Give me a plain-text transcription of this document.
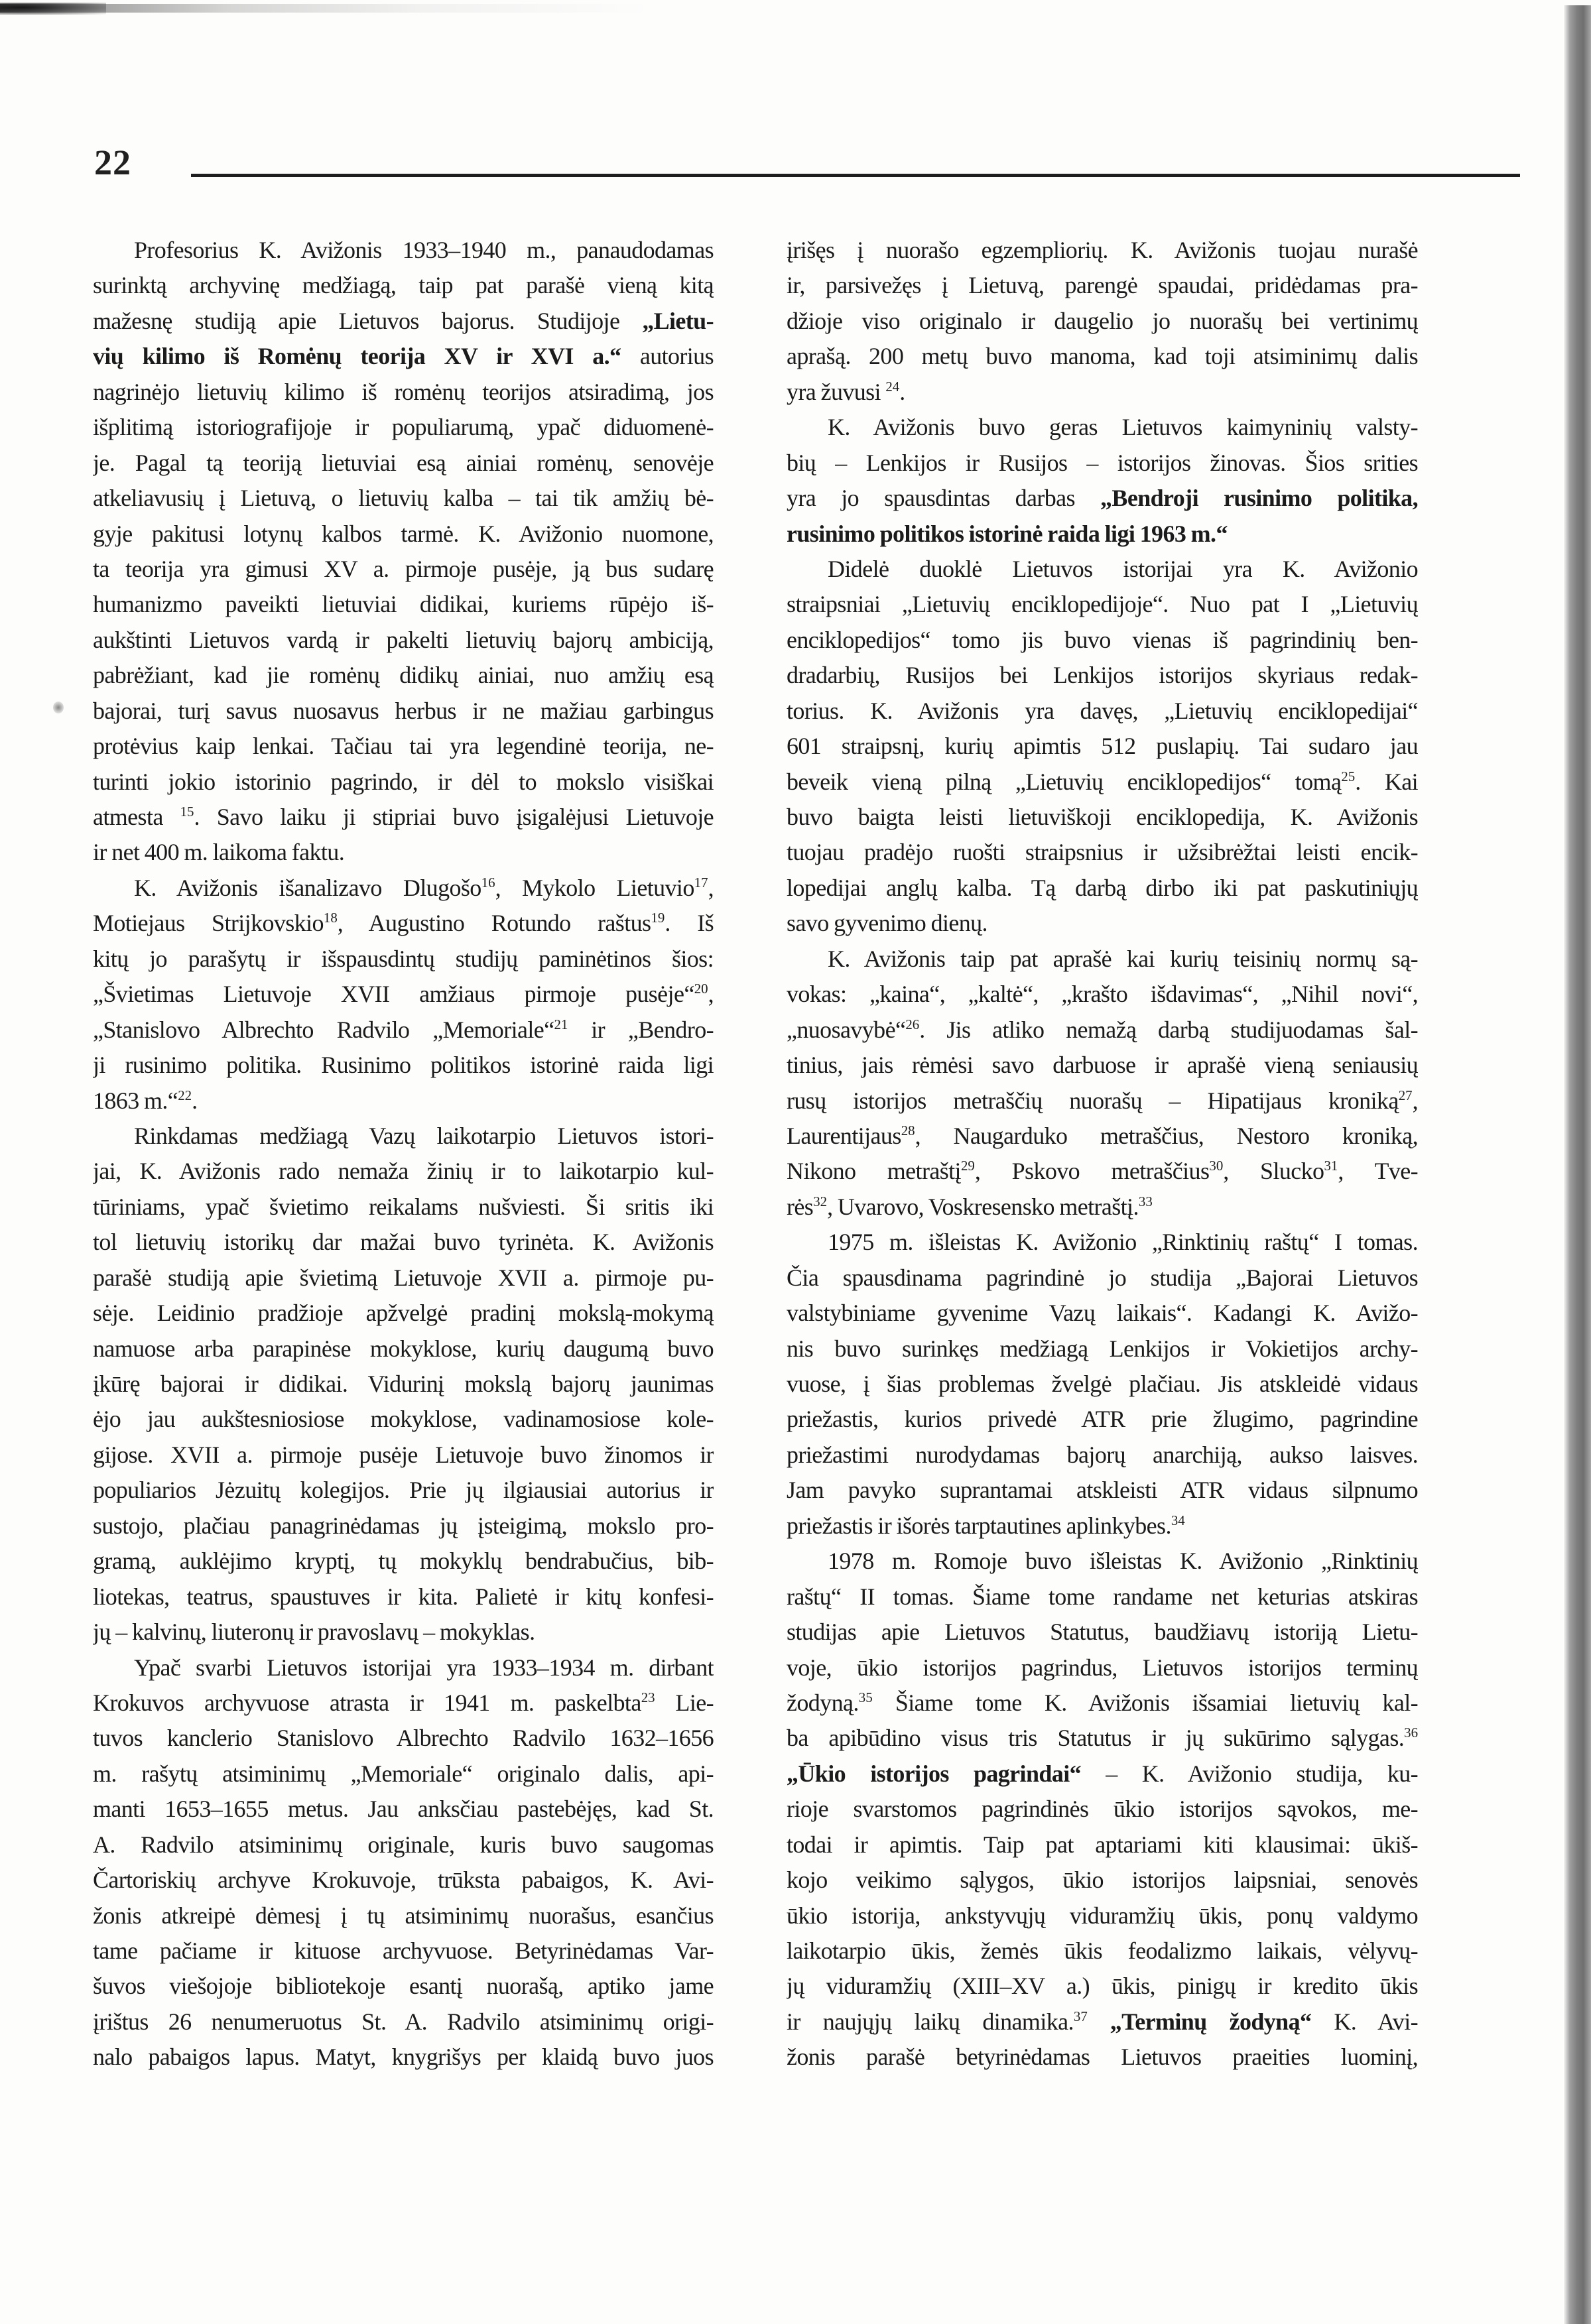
22
Profesorius K. Avižonis 1933–1940 m., panaudodamas
surinktą archyvinę medžiagą, taip pat parašė vieną kitą
mažesnę studiją apie Lietuvos bajorus. Studijoje „Lietu-
vių kilimo iš Romėnų teorija XV ir XVI a.“ autorius
nagrinėjo lietuvių kilimo iš romėnų teorijos atsiradimą, jos
išplitimą istoriografijoje ir populiarumą, ypač diduomenė-
je. Pagal tą teoriją lietuviai esą ainiai romėnų, senovėje
atkeliavusių į Lietuvą, o lietuvių kalba – tai tik amžių bė-
gyje pakitusi lotynų kalbos tarmė. K. Avižonio nuomone,
ta teorija yra gimusi XV a. pirmoje pusėje, ją bus sudarę
humanizmo paveikti lietuviai didikai, kuriems rūpėjo iš-
aukštinti Lietuvos vardą ir pakelti lietuvių bajorų ambiciją,
pabrėžiant, kad jie romėnų didikų ainiai, nuo amžių esą
bajorai, turį savus nuosavus herbus ir ne mažiau garbingus
protėvius kaip lenkai. Tačiau tai yra legendinė teorija, ne-
turinti jokio istorinio pagrindo, ir dėl to mokslo visiškai
atmesta $^{15}$. Savo laiku ji stipriai buvo įsigalėjusi Lietuvoje
ir net 400 m. laikoma faktu.
K. Avižonis išanalizavo Dlugošo$^{16}$, Mykolo Lietuvio$^{17}$,
Motiejaus Strijkovskio$^{18}$, Augustino Rotundo raštus$^{19}$. Iš
kitų jo parašytų ir išspausdintų studijų paminėtinos šios:
„Švietimas Lietuvoje XVII amžiaus pirmoje pusėje“$^{20}$,
„Stanislovo Albrechto Radvilo „Memoriale“$^{21}$ ir „Bendro-
ji rusinimo politika. Rusinimo politikos istorinė raida ligi
1863 m.“$^{22}$.
Rinkdamas medžiagą Vazų laikotarpio Lietuvos istori-
jai, K. Avižonis rado nemaža žinių ir to laikotarpio kul-
tūriniams, ypač švietimo reikalams nušviesti. Ši sritis iki
tol lietuvių istorikų dar mažai buvo tyrinėta. K. Avižonis
parašė studiją apie švietimą Lietuvoje XVII a. pirmoje pu-
sėje. Leidinio pradžioje apžvelgė pradinį mokslą-mokymą
namuose arba parapinėse mokyklose, kurių daugumą buvo
įkūrę bajorai ir didikai. Vidurinį mokslą bajorų jaunimas
ėjo jau aukštesniosiose mokyklose, vadinamosiose kole-
gijose. XVII a. pirmoje pusėje Lietuvoje buvo žinomos ir
populiarios Jėzuitų kolegijos. Prie jų ilgiausiai autorius ir
sustojo, plačiau panagrinėdamas jų įsteigimą, mokslo pro-
gramą, auklėjimo kryptį, tų mokyklų bendrabučius, bib-
liotekas, teatrus, spaustuves ir kita. Palietė ir kitų konfesi-
jų – kalvinų, liuteronų ir pravoslavų – mokyklas.
Ypač svarbi Lietuvos istorijai yra 1933–1934 m. dirbant
Krokuvos archyvuose atrasta ir 1941 m. paskelbta$^{23}$ Lie-
tuvos kanclerio Stanislovo Albrechto Radvilo 1632–1656
m. rašytų atsiminimų „Memoriale“ originalo dalis, api-
manti 1653–1655 metus. Jau anksčiau pastebėjęs, kad St.
A. Radvilo atsiminimų originale, kuris buvo saugomas
Čartoriskių archyve Krokuvoje, trūksta pabaigos, K. Avi-
žonis atkreipė dėmesį į tų atsiminimų nuorašus, esančius
tame pačiame ir kituose archyvuose. Betyrinėdamas Var-
šuvos viešojoje bibliotekoje esantį nuorašą, aptiko jame
įrištus 26 nenumeruotus St. A. Radvilo atsiminimų origi-
nalo pabaigos lapus. Matyt, knygrišys per klaidą buvo juos
įrišęs į nuorašo egzempliorių. K. Avižonis tuojau nurašė
ir, parsivežęs į Lietuvą, parengė spaudai, pridėdamas pra-
džioje viso originalo ir daugelio jo nuorašų bei vertinimų
aprašą. 200 metų buvo manoma, kad toji atsiminimų dalis
yra žuvusi $^{24}$.
K. Avižonis buvo geras Lietuvos kaimyninių valsty-
bių – Lenkijos ir Rusijos – istorijos žinovas. Šios srities
yra jo spausdintas darbas „Bendroji rusinimo politika,
rusinimo politikos istorinė raida ligi 1963 m.“
Didelė duoklė Lietuvos istorijai yra K. Avižonio
straipsniai „Lietuvių enciklopedijoje“. Nuo pat I „Lietuvių
enciklopedijos“ tomo jis buvo vienas iš pagrindinių ben-
dradarbių, Rusijos bei Lenkijos istorijos skyriaus redak-
torius. K. Avižonis yra davęs, „Lietuvių enciklopedijai“
601 straipsnį, kurių apimtis 512 puslapių. Tai sudaro jau
beveik vieną pilną „Lietuvių enciklopedijos“ tomą$^{25}$. Kai
buvo baigta leisti lietuviškoji enciklopedija, K. Avižonis
tuojau pradėjo ruošti straipsnius ir užsibrėžtai leisti encik-
lopedijai anglų kalba. Tą darbą dirbo iki pat paskutiniųjų
savo gyvenimo dienų.
K. Avižonis taip pat aprašė kai kurių teisinių normų są-
vokas: „kaina“, „kaltė“, „krašto išdavimas“, „Nihil novi“,
„nuosavybė“$^{26}$. Jis atliko nemažą darbą studijuodamas šal-
tinius, jais rėmėsi savo darbuose ir aprašė vieną seniausių
rusų istorijos metraščių nuorašų – Hipatijaus kroniką$^{27}$,
Laurentijaus$^{28}$, Naugarduko metraščius, Nestoro kroniką,
Nikono metraštį$^{29}$, Pskovo metraščius$^{30}$, Slucko$^{31}$, Tve-
rės$^{32}$, Uvarovo, Voskresensko metraštį.$^{33}$
1975 m. išleistas K. Avižonio „Rinktinių raštų“ I tomas.
Čia spausdinama pagrindinė jo studija „Bajorai Lietuvos
valstybiniame gyvenime Vazų laikais“. Kadangi K. Avižo-
nis buvo surinkęs medžiagą Lenkijos ir Vokietijos archy-
vuose, į šias problemas žvelgė plačiau. Jis atskleidė vidaus
priežastis, kurios privedė ATR prie žlugimo, pagrindine
priežastimi nurodydamas bajorų anarchiją, aukso laisves.
Jam pavyko suprantamai atskleisti ATR vidaus silpnumo
priežastis ir išorės tarptautines aplinkybes.$^{34}$
1978 m. Romoje buvo išleistas K. Avižonio „Rinktinių
raštų“ II tomas. Šiame tome randame net keturias atskiras
studijas apie Lietuvos Statutus, baudžiavų istoriją Lietu-
voje, ūkio istorijos pagrindus, Lietuvos istorijos terminų
žodyną.$^{35}$ Šiame tome K. Avižonis išsamiai lietuvių kal-
ba apibūdino visus tris Statutus ir jų sukūrimo sąlygas.$^{36}$
„Ūkio istorijos pagrindai“ – K. Avižonio studija, ku-
rioje svarstomos pagrindinės ūkio istorijos sąvokos, me-
todai ir apimtis. Taip pat aptariami kiti klausimai: ūkiš-
kojo veikimo sąlygos, ūkio istorijos laipsniai, senovės
ūkio istorija, ankstyvųjų viduramžių ūkis, ponų valdymo
laikotarpio ūkis, žemės ūkis feodalizmo laikais, vėlyvų-
jų viduramžių (XIII–XV a.) ūkis, pinigų ir kredito ūkis
ir naujųjų laikų dinamika.$^{37}$ „Terminų žodyną“ K. Avi-
žonis parašė betyrinėdamas Lietuvos praeities luominį,
